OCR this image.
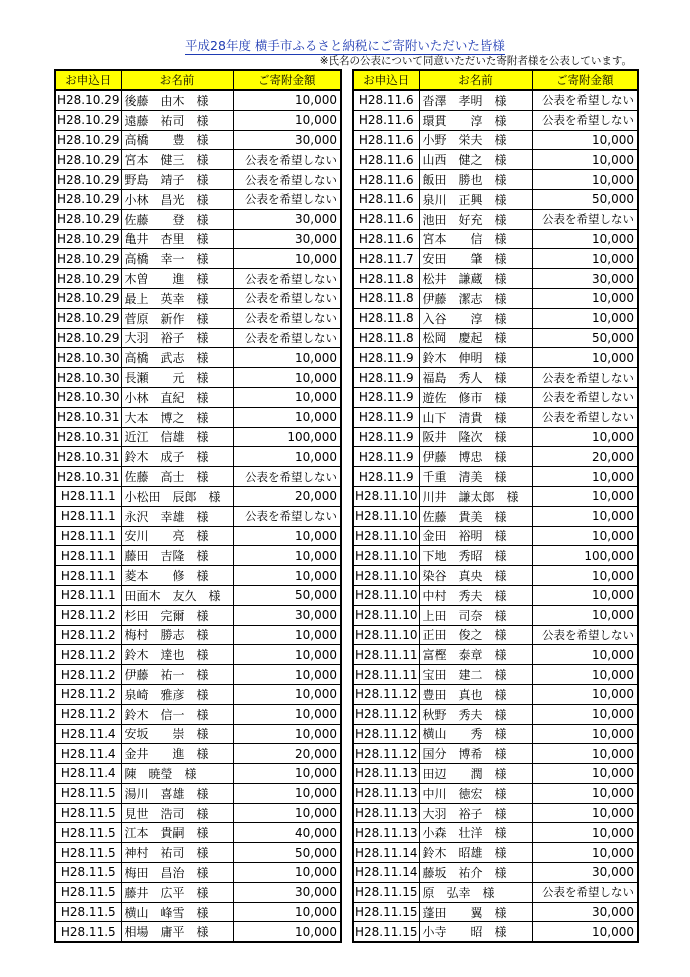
平成28年度 横手市ふるさと納税にご寄附いただいた皆様
※氏名の公表について同意いただいた寄附者様を公表しています。
お申込日	お名前	ご寄附金額
H28.10.29	後藤　由木　様	10,000
H28.10.29	遠藤　祐司　様	10,000
H28.10.29	高橋　　豊　様	30,000
H28.10.29	宮本　健三　様	公表を希望しない
H28.10.29	野島　靖子　様	公表を希望しない
H28.10.29	小林　昌光　様	公表を希望しない
H28.10.29	佐藤　　登　様	30,000
H28.10.29	亀井　杏里　様	30,000
H28.10.29	高橋　幸一　様	10,000
H28.10.29	木曽　　進　様	公表を希望しない
H28.10.29	最上　英幸　様	公表を希望しない
H28.10.29	菅原　新作　様	公表を希望しない
H28.10.29	大羽　裕子　様	公表を希望しない
H28.10.30	高橋　武志　様	10,000
H28.10.30	長瀬　　元　様	10,000
H28.10.30	小林　直紀　様	10,000
H28.10.31	大本　博之　様	10,000
H28.10.31	近江　信雄　様	100,000
H28.10.31	鈴木　成子　様	10,000
H28.10.31	佐藤　高士　様	公表を希望しない
H28.11.1	小松田　辰郎　様	20,000
H28.11.1	永沢　幸雄　様	公表を希望しない
H28.11.1	安川　　亮　様	10,000
H28.11.1	藤田　吉隆　様	10,000
H28.11.1	菱本　　修　様	10,000
H28.11.1	田面木　友久　様	50,000
H28.11.2	杉田　完爾　様	30,000
H28.11.2	梅村　勝志　様	10,000
H28.11.2	鈴木　達也　様	10,000
H28.11.2	伊藤　祐一　様	10,000
H28.11.2	泉崎　雅彦　様	10,000
H28.11.2	鈴木　信一　様	10,000
H28.11.4	安坂　　崇　様	10,000
H28.11.4	金井　　進　様	20,000
H28.11.4	陳　暁瑩　様	10,000
H28.11.5	湯川　喜雄　様	10,000
H28.11.5	見世　浩司　様	10,000
H28.11.5	江本　貴嗣　様	40,000
H28.11.5	神村　祐司　様	50,000
H28.11.5	梅田　昌治　様	10,000
H28.11.5	藤井　広平　様	30,000
H28.11.5	横山　峰雪　様	10,000
H28.11.5	相場　庸平　様	10,000
お申込日	お名前	ご寄附金額
H28.11.6	沓澤　孝明　様	公表を希望しない
H28.11.6	環貫　　淳　様	公表を希望しない
H28.11.6	小野　栄夫　様	10,000
H28.11.6	山西　健之　様	10,000
H28.11.6	飯田　勝也　様	10,000
H28.11.6	泉川　正興　様	50,000
H28.11.6	池田　好充　様	公表を希望しない
H28.11.6	宮本　　信　様	10,000
H28.11.7	安田　　肇　様	10,000
H28.11.8	松井　謙蔵　様	30,000
H28.11.8	伊藤　潔志　様	10,000
H28.11.8	入谷　　淳　様	10,000
H28.11.8	松岡　慶起　様	50,000
H28.11.9	鈴木　伸明　様	10,000
H28.11.9	福島　秀人　様	公表を希望しない
H28.11.9	遊佐　修市　様	公表を希望しない
H28.11.9	山下　清貴　様	公表を希望しない
H28.11.9	阪井　隆次　様	10,000
H28.11.9	伊藤　博忠　様	20,000
H28.11.9	千重　清美　様	10,000
H28.11.10	川井　謙太郎　様	10,000
H28.11.10	佐藤　貴美　様	10,000
H28.11.10	金田　裕明　様	10,000
H28.11.10	下地　秀昭　様	100,000
H28.11.10	染谷　真央　様	10,000
H28.11.10	中村　秀夫　様	10,000
H28.11.10	上田　司奈　様	10,000
H28.11.10	正田　俊之　様	公表を希望しない
H28.11.11	富樫　泰章　様	10,000
H28.11.11	宝田　建二　様	10,000
H28.11.12	豊田　真也　様	10,000
H28.11.12	秋野　秀夫　様	10,000
H28.11.12	横山　　秀　様	10,000
H28.11.12	国分　博希　様	10,000
H28.11.13	田辺　　潤　様	10,000
H28.11.13	中川　徳宏　様	10,000
H28.11.13	大羽　裕子　様	10,000
H28.11.13	小森　壮洋　様	10,000
H28.11.14	鈴木　昭雄　様	10,000
H28.11.14	藤坂　祐介　様	30,000
H28.11.15	原　弘幸　様	公表を希望しない
H28.11.15	蓬田　　翼　様	30,000
H28.11.15	小寺　　昭　様	10,000
